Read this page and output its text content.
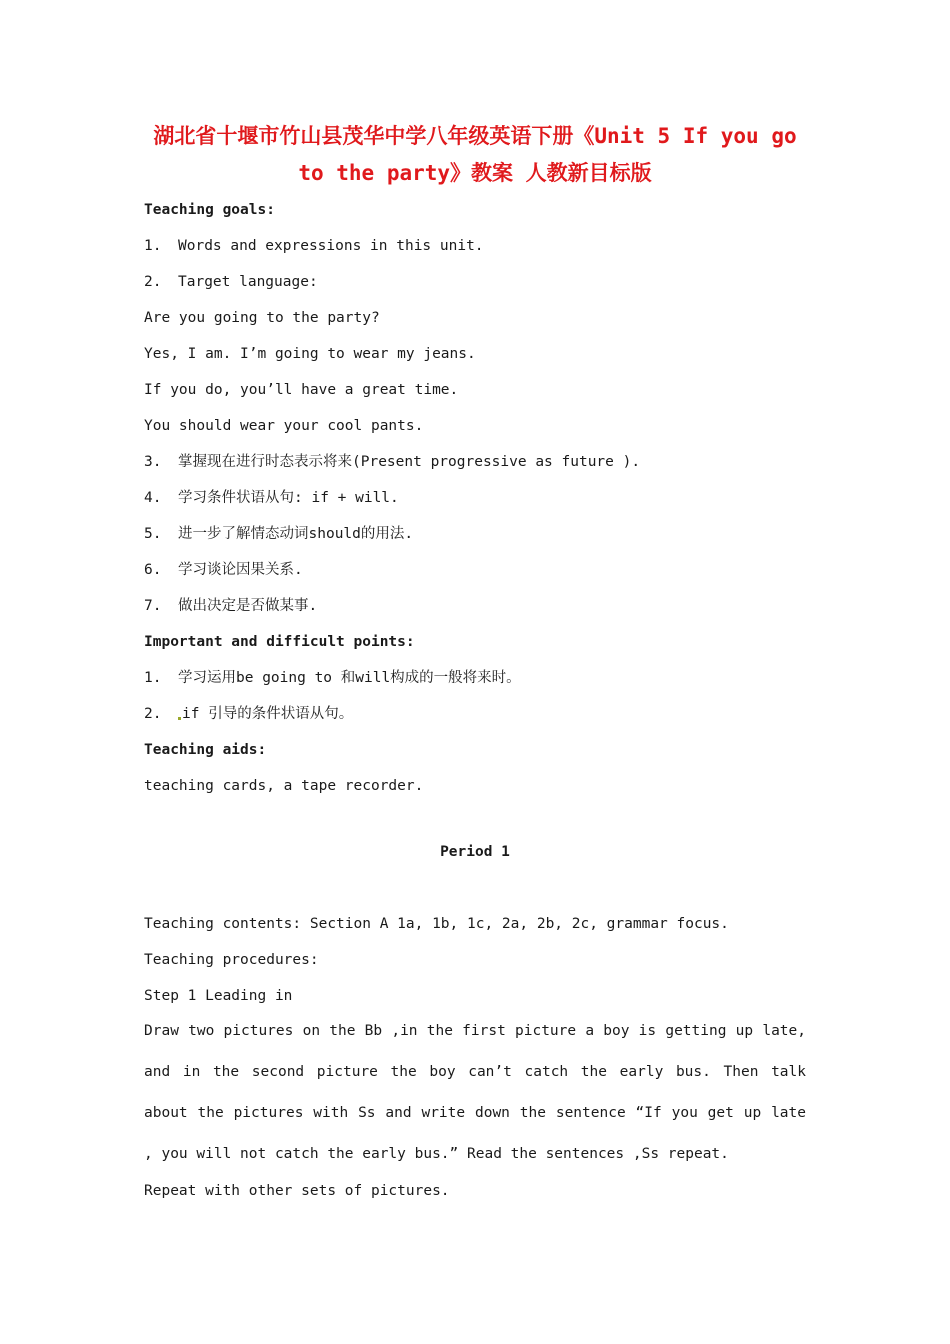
湖北省十堰市竹山县茂华中学八年级英语下册《Unit 5 If you go
to the party》教案 人教新目标版
Teaching goals:
1. Words and expressions in this unit.
2. Target language:
Are you going to the party?
Yes, I am. I’m going to wear my jeans.
If you do, you’ll have a great time.
You should wear your cool pants.
3. 掌握现在进行时态表示将来(Present progressive as future ).
4. 学习条件状语从句: if + will.
5. 进一步了解情态动词should的用法.
6. 学习谈论因果关系.
7. 做出决定是否做某事.
Important and difficult points:
1. 学习运用be going to 和will构成的一般将来时。
2. if 引导的条件状语从句。
Teaching aids:
teaching cards, a tape recorder.
Period 1
Teaching contents: Section A 1a, 1b, 1c, 2a, 2b, 2c, grammar focus.
Teaching procedures:
Step 1 Leading in
Draw two pictures on the Bb ,in the first picture a boy is getting up late, and in the second picture the boy can’t catch the early bus. Then talk about the pictures with Ss and write down the sentence “If you get up late , you will not catch the early bus.” Read the sentences ,Ss repeat.
Repeat with other sets of pictures.
